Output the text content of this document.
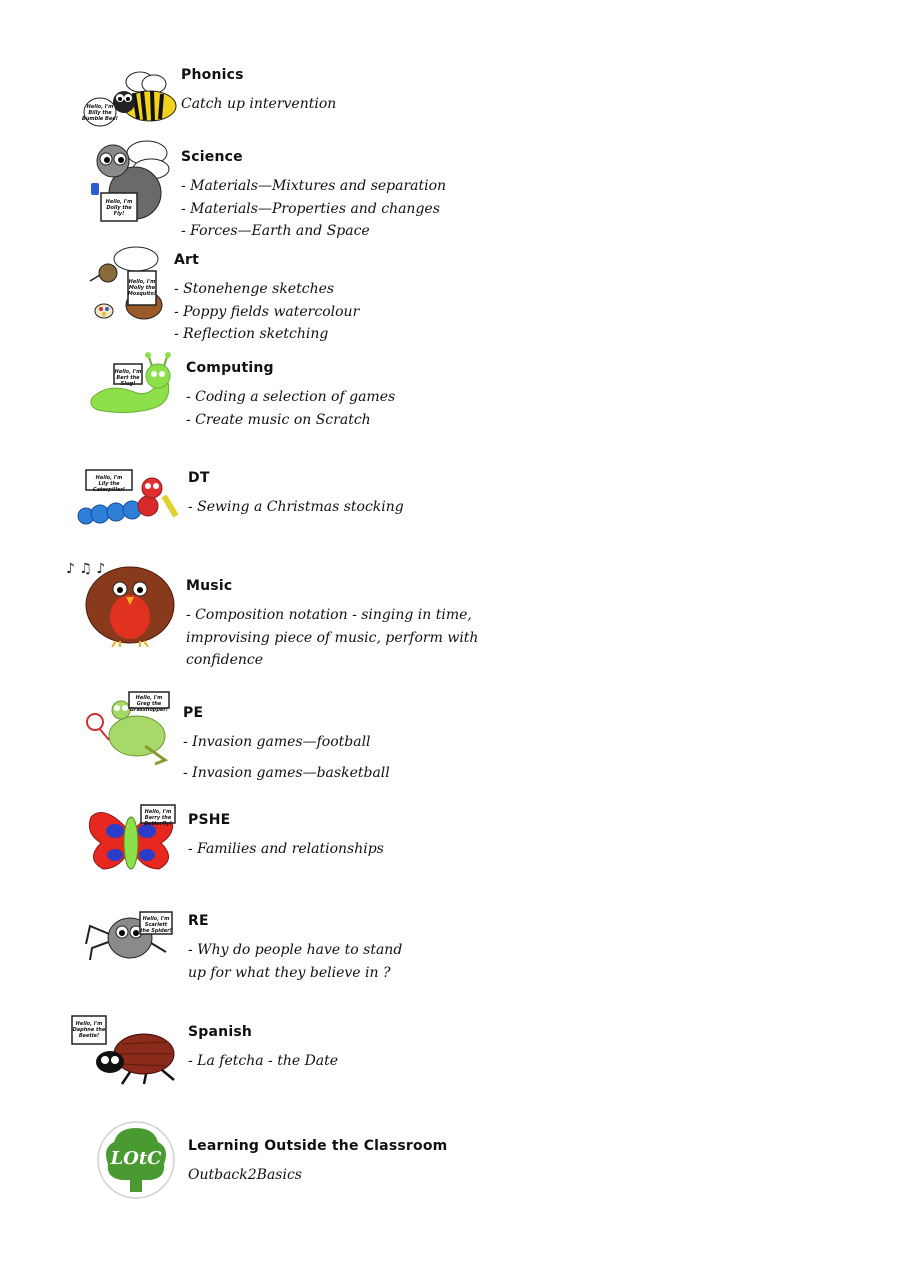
Hello, I'm Billy the Bumble Bee!
Phonics
Catch up intervention
Hello, I'm Dolly the Fly!
Science
- Materials—Mixtures and separation
- Materials—Properties and changes
- Forces—Earth and Space
Hello, I'm Molly the Mosquito!
Art
- Stonehenge sketches
- Poppy fields watercolour
- Reflection sketching
Hello, I'm Bert the Slug!
Computing
- Coding a selection of games
- Create music on Scratch
Hello, I'm Lily the Caterpillar!
DT
- Sewing a Christmas stocking
♪ ♫ ♪
Music
- Composition notation - singing in time,
improvising piece of music, perform with
confidence
Hello, I'm Greg the Grasshopper! PE
- Invasion games—football
- Invasion games—basketball
Hello, I'm Barry the Butterfly! PSHE
- Families and relationships
Hello, I'm Scarlett the Spider!
RE
- Why do people have to stand
up for what they believe in ?
Hello, I'm Daphne the Beetle!	Spanish
- La fetcha - the Date
LOtC
Learning Outside the Classroom
Outback2Basics
